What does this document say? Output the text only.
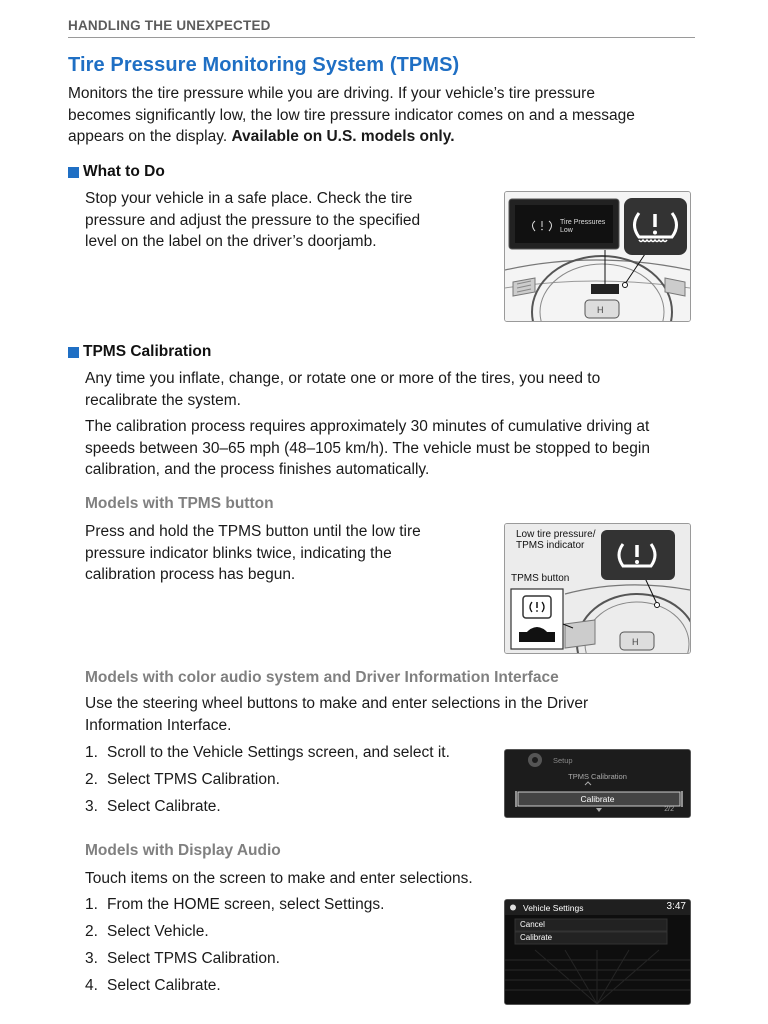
HANDLING THE UNEXPECTED
Tire Pressure Monitoring System (TPMS)
Monitors the tire pressure while you are driving. If your vehicle’s tire pressure
becomes significantly low, the low tire pressure indicator comes on and a message
appears on the display. Available on U.S. models only.
What to Do
Stop your vehicle in a safe place. Check the tire
pressure and adjust the pressure to the specified
level on the label on the driver’s doorjamb.
H
Tire Pressures
Low
TPMS Calibration
Any time you inflate, change, or rotate one or more of the tires, you need to
recalibrate the system.
The calibration process requires approximately 30 minutes of cumulative driving at
speeds between 30–65 mph (48–105 km/h). The vehicle must be stopped to begin
calibration, and the process finishes automatically.
Models with TPMS button
Press and hold the TPMS button until the low tire
pressure indicator blinks twice, indicating the
calibration process has begun.
H
Low tire pressure/
TPMS indicator
TPMS button
Models with color audio system and Driver Information Interface
Use the steering wheel buttons to make and enter selections in the Driver
Information Interface.
1. Scroll to the Vehicle Settings screen, and select it.
2. Select TPMS Calibration.
3. Select Calibrate.
Setup
TPMS Calibration
Calibrate
2/2
Models with Display Audio
Touch items on the screen to make and enter selections.
1. From the HOME screen, select Settings.
2. Select Vehicle.
3. Select TPMS Calibration.
4. Select Calibrate.
Vehicle Settings	3:47
Cancel
Calibrate
